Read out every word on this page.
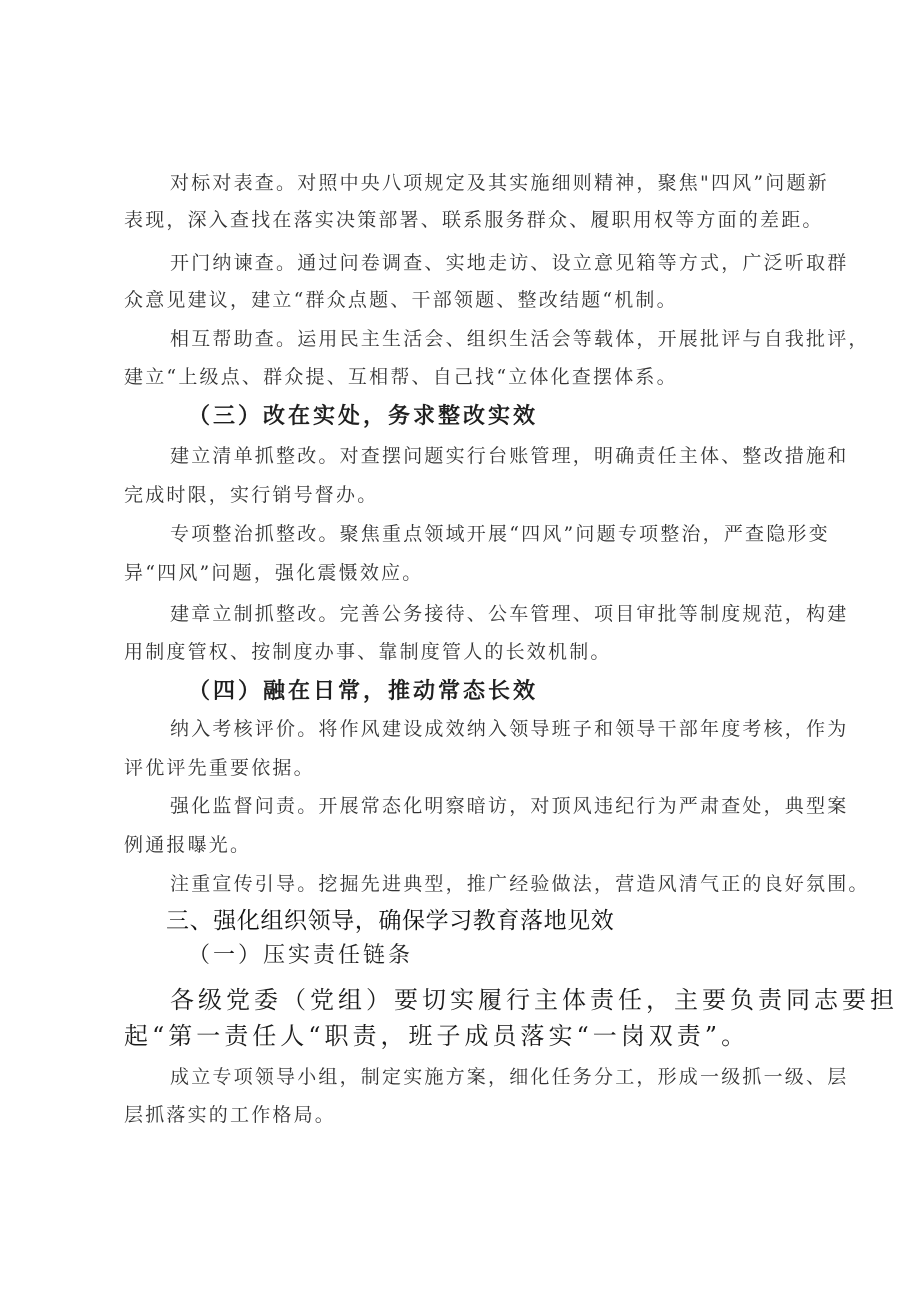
对标对表查。对照中央八项规定及其实施细则精神，聚焦"四风”问题新
表现，深入查找在落实决策部署、联系服务群众、履职用权等方面的差距。
开门纳谏查。通过问卷调查、实地走访、设立意见箱等方式，广泛听取群
众意见建议，建立“群众点题、干部领题、整改结题“机制。
相互帮助查。运用民主生活会、组织生活会等载体，开展批评与自我批评，
建立“上级点、群众提、互相帮、自己找“立体化查摆体系。
（三）改在实处，务求整改实效
建立清单抓整改。对查摆问题实行台账管理，明确责任主体、整改措施和
完成时限，实行销号督办。
专项整治抓整改。聚焦重点领域开展“四风”问题专项整治，严查隐形变
异“四风”问题，强化震慑效应。
建章立制抓整改。完善公务接待、公车管理、项目审批等制度规范，构建
用制度管权、按制度办事、靠制度管人的长效机制。
（四）融在日常，推动常态长效
纳入考核评价。将作风建设成效纳入领导班子和领导干部年度考核，作为
评优评先重要依据。
强化监督问责。开展常态化明察暗访，对顶风违纪行为严肃查处，典型案
例通报曝光。
注重宣传引导。挖掘先进典型，推广经验做法，营造风清气正的良好氛围。
三、强化组织领导，确保学习教育落地见效
（一）压实责任链条
各级党委（党组）要切实履行主体责任，主要负责同志要担
起“第一责任人“职责，班子成员落实“一岗双责”。
成立专项领导小组，制定实施方案，细化任务分工，形成一级抓一级、层
层抓落实的工作格局。
